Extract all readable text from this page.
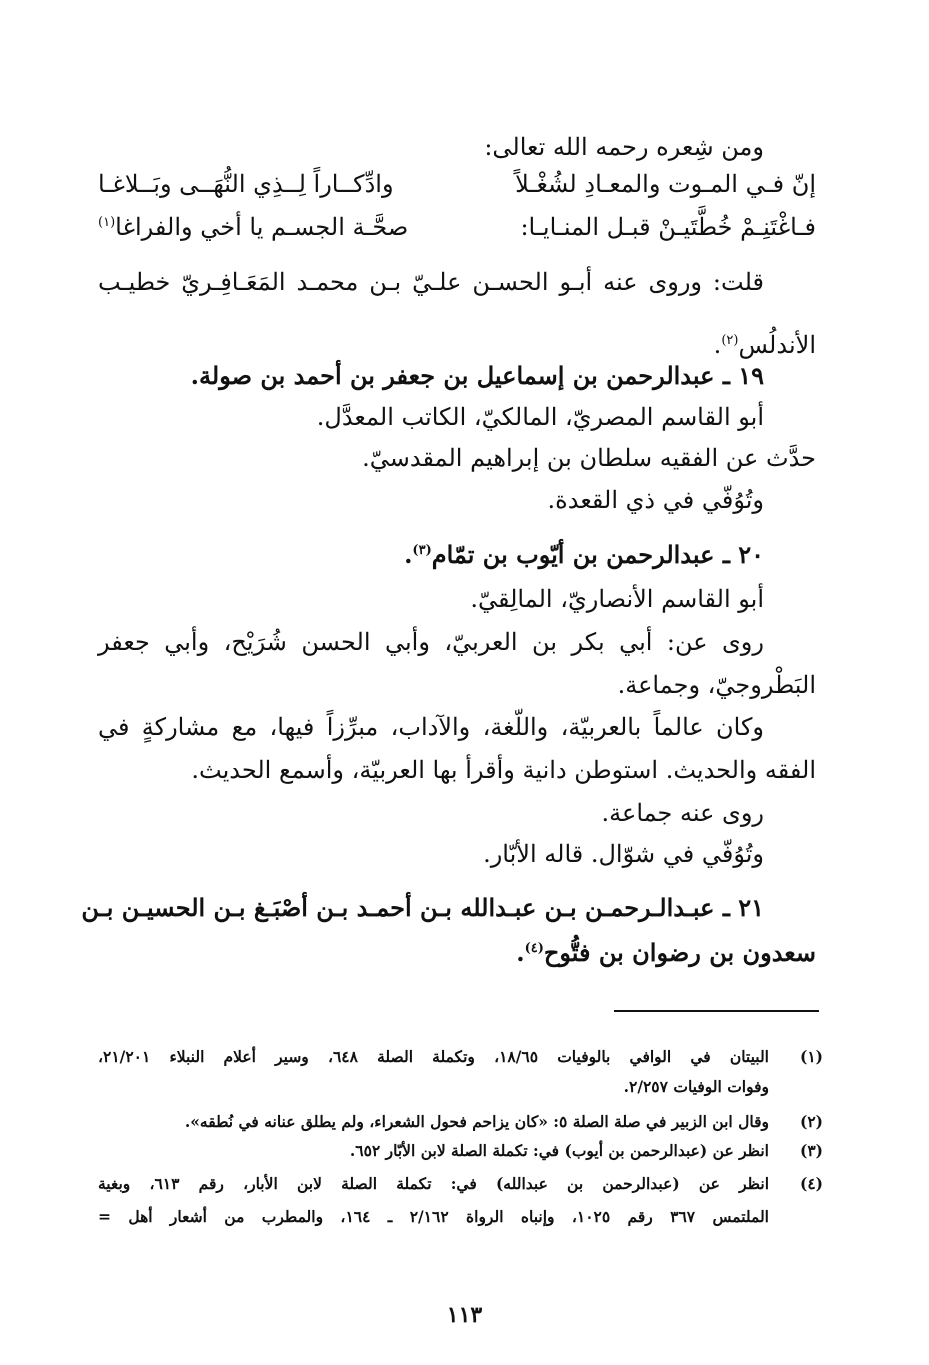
ومن شِعره رحمه الله تعالى:
إنّ فـي المـوت والمعـادِ لشُغْـلاً
وادِّكــاراً لِــذِي النُّهَــى وبَــلاغـا
فـاغْتَنِـمْ خُطَّتَيـنْ قبـل المنـايـا:
صحَّـة الجسـم يا أخي والفراغا$^{(١)}$
قلت: وروى عنه أبـو الحسـن علـيّ بـن محمـد المَعَـافِـريّ خطيـب
الأندلُس$^{(٢)}$.
١٩ ـ عبدالرحمن بن إسماعيل بن جعفر بن أحمد بن صولة.
أبو القاسم المصريّ، المالكيّ، الكاتب المعدَّل.
حدَّث عن الفقيه سلطان بن إبراهيم المقدسيّ.
وتُوُفّي في ذي القعدة.
٢٠ ـ عبدالرحمن بن أيّوب بن تمّام$^{(٣)}$.
أبو القاسم الأنصاريّ، المالِقيّ.
روى عن: أبي بكر بن العربيّ، وأبي الحسن شُرَيْح، وأبي جعفر
البَطْروجيّ، وجماعة.
وكان عالماً بالعربيّة، واللّغة، والآداب، مبرِّزاً فيها، مع مشاركةٍ في
الفقه والحديث. استوطن دانية وأقرأ بها العربيّة، وأسمع الحديث.
روى عنه جماعة.
وتُوُفّي في شوّال. قاله الأبّار.
٢١ ـ عبـدالـرحمـن بـن عبـدالله بـن أحمـد بـن أصْبَـغ بـن الحسيـن بـن
سعدون بن رضوان بن فتُّوح$^{(٤)}$.
(١)
البيتان في الوافي بالوفيات ١٨/٦٥، وتكملة الصلة ٦٤٨، وسير أعلام النبلاء ٢١/٢٠١،
وفوات الوفيات ٢/٢٥٧.
(٢)
وقال ابن الزبير في صلة الصلة ٥: «كان يزاحم فحول الشعراء، ولم يطلق عنانه في نُطقه».
(٣)
انظر عن (عبدالرحمن بن أيوب) في: تكملة الصلة لابن الأبّار ٦٥٢.
(٤)
انظر عن (عبدالرحمن بن عبدالله) في: تكملة الصلة لابن الأبار، رقم ٦١٣، وبغية
الملتمس ٣٦٧ رقم ١٠٢٥، وإنباه الرواة ٢/١٦٢ ـ ١٦٤، والمطرب من أشعار أهل =
١١٣
